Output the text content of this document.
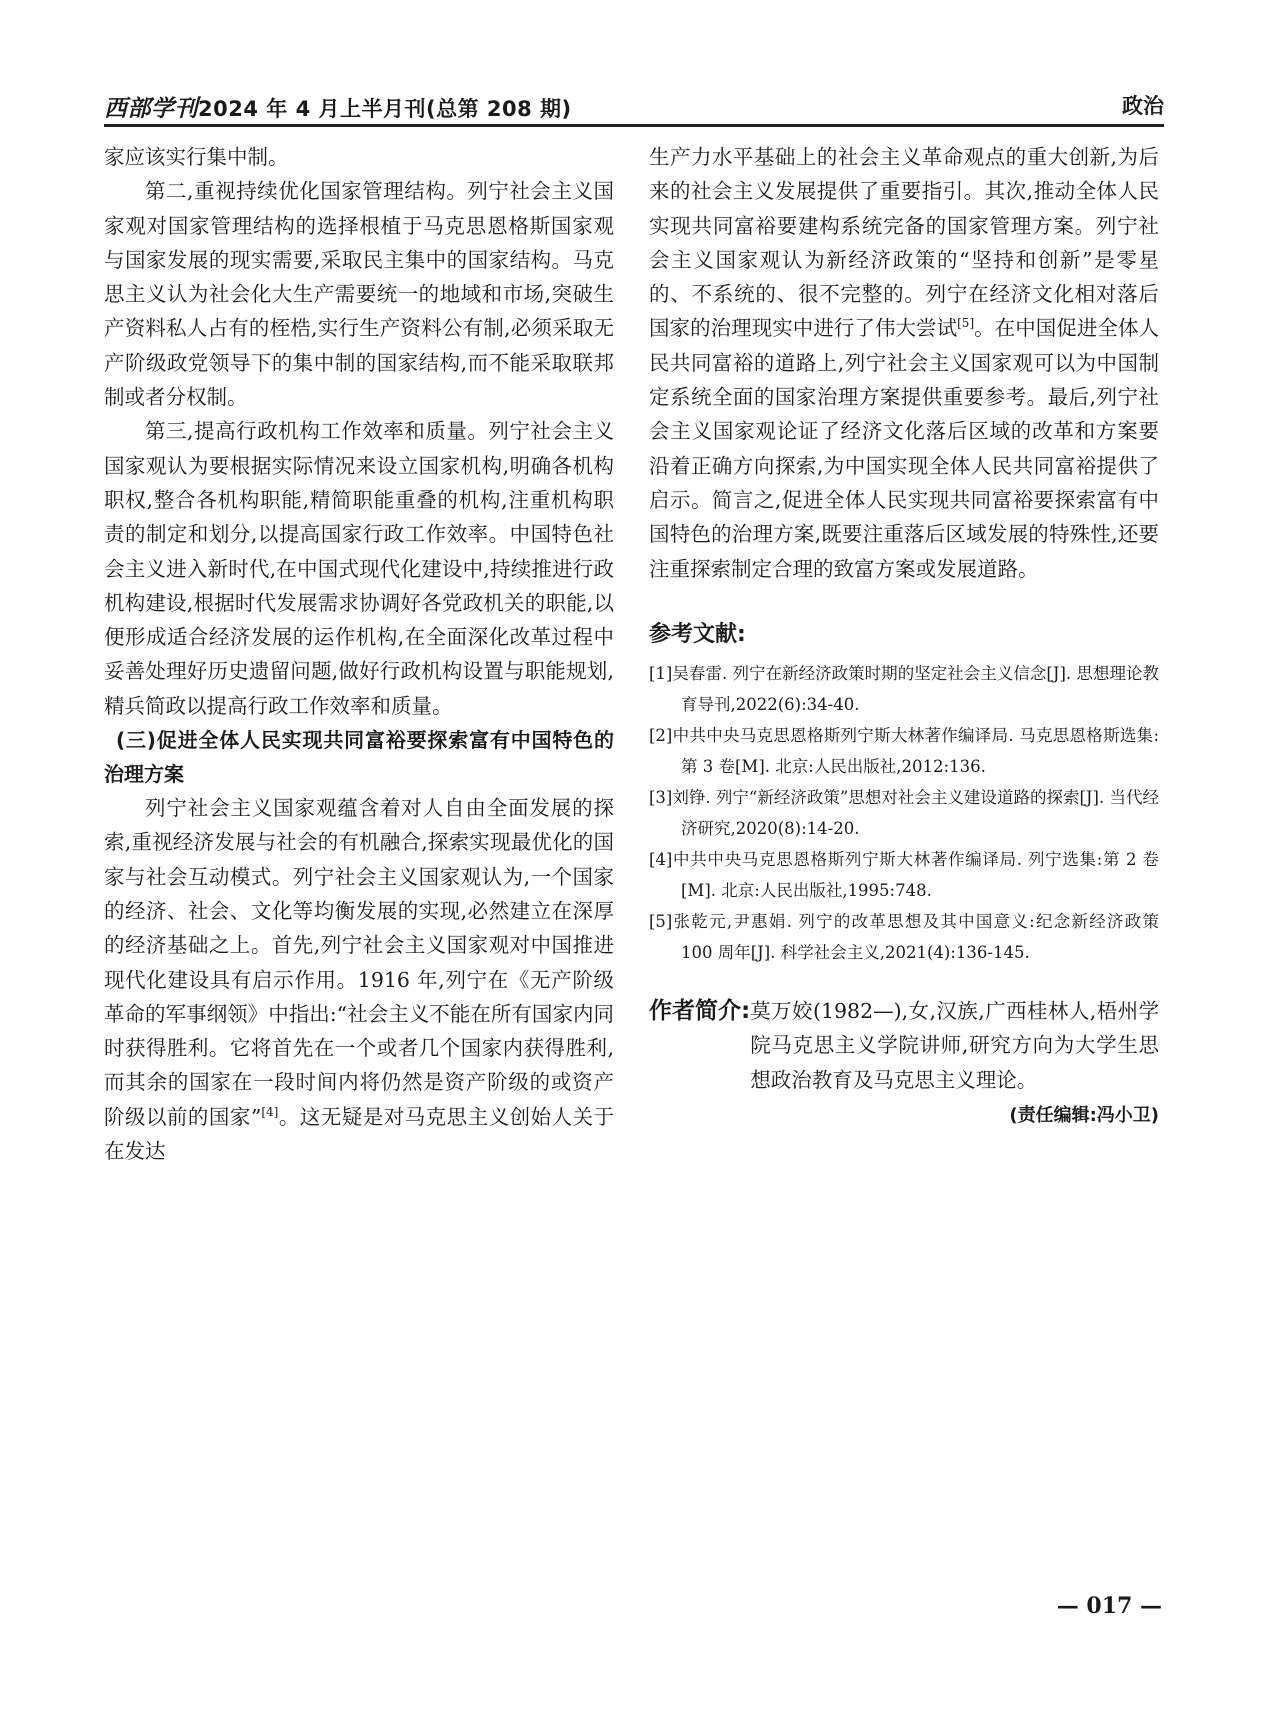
西部学刊2024 年 4 月上半月刊(总第 208 期)	政治

家应该实行集中制。

第二,重视持续优化国家管理结构。列宁社会主义国家观对国家管理结构的选择根植于马克思恩格斯国家观与国家发展的现实需要,采取民主集中的国家结构。马克思主义认为社会化大生产需要统一的地域和市场,突破生产资料私人占有的桎梏,实行生产资料公有制,必须采取无产阶级政党领导下的集中制的国家结构,而不能采取联邦制或者分权制。

第三,提高行政机构工作效率和质量。列宁社会主义国家观认为要根据实际情况来设立国家机构,明确各机构职权,整合各机构职能,精简职能重叠的机构,注重机构职责的制定和划分,以提高国家行政工作效率。中国特色社会主义进入新时代,在中国式现代化建设中,持续推进行政机构建设,根据时代发展需求协调好各党政机关的职能,以便形成适合经济发展的运作机构,在全面深化改革过程中妥善处理好历史遗留问题,做好行政机构设置与职能规划,精兵简政以提高行政工作效率和质量。

(三)促进全体人民实现共同富裕要探索富有中国特色的治理方案

列宁社会主义国家观蕴含着对人自由全面发展的探索,重视经济发展与社会的有机融合,探索实现最优化的国家与社会互动模式。列宁社会主义国家观认为,一个国家的经济、社会、文化等均衡发展的实现,必然建立在深厚的经济基础之上。首先,列宁社会主义国家观对中国推进现代化建设具有启示作用。1916 年,列宁在《无产阶级革命的军事纲领》中指出:“社会主义不能在所有国家内同时获得胜利。它将首先在一个或者几个国家内获得胜利,而其余的国家在一段时间内将仍然是资产阶级的或资产阶级以前的国家”[4]。这无疑是对马克思主义创始人关于在发达

生产力水平基础上的社会主义革命观点的重大创新,为后来的社会主义发展提供了重要指引。其次,推动全体人民实现共同富裕要建构系统完备的国家管理方案。列宁社会主义国家观认为新经济政策的“坚持和创新”是零星的、不系统的、很不完整的。列宁在经济文化相对落后国家的治理现实中进行了伟大尝试[5]。在中国促进全体人民共同富裕的道路上,列宁社会主义国家观可以为中国制定系统全面的国家治理方案提供重要参考。最后,列宁社会主义国家观论证了经济文化落后区域的改革和方案要沿着正确方向探索,为中国实现全体人民共同富裕提供了启示。简言之,促进全体人民实现共同富裕要探索富有中国特色的治理方案,既要注重落后区域发展的特殊性,还要注重探索制定合理的致富方案或发展道路。

参考文献:

[1]吴春雷. 列宁在新经济政策时期的坚定社会主义信念[J]. 思想理论教育导刊,2022(6):34-40.

[2]中共中央马克思恩格斯列宁斯大林著作编译局. 马克思恩格斯选集:第 3 卷[M]. 北京:人民出版社,2012:136.

[3]刘铮. 列宁“新经济政策”思想对社会主义建设道路的探索[J]. 当代经济研究,2020(8):14-20.

[4]中共中央马克思恩格斯列宁斯大林著作编译局. 列宁选集:第 2 卷[M]. 北京:人民出版社,1995:748.

[5]张乾元,尹惠娟. 列宁的改革思想及其中国意义:纪念新经济政策 100 周年[J]. 科学社会主义,2021(4):136-145.

作者简介: 莫万姣(1982—),女,汉族,广西桂林人,梧州学院马克思主义学院讲师,研究方向为大学生思想政治教育及马克思主义理论。
(责任编辑:冯小卫)
— 017 —
